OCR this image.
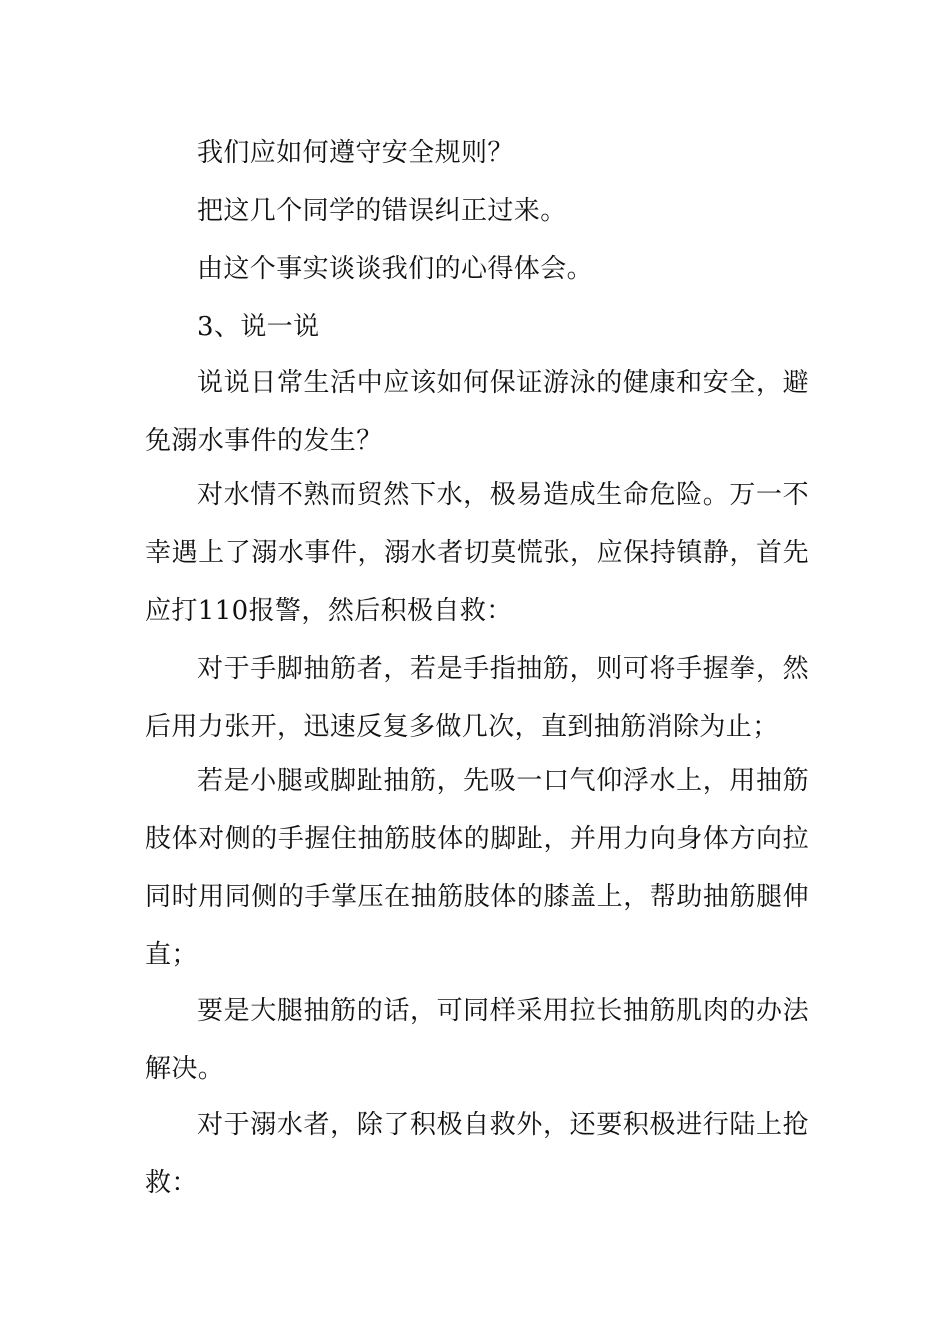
我们应如何遵守安全规则？

把这几个同学的错误纠正过来。

由这个事实谈谈我们的心得体会。

3、说一说

说说日常生活中应该如何保证游泳的健康和安全，避免溺水事件的发生？

对水情不熟而贸然下水，极易造成生命危险。万一不幸遇上了溺水事件，溺水者切莫慌张，应保持镇静，首先应打110报警，然后积极自救：

对于手脚抽筋者，若是手指抽筋，则可将手握拳，然后用力张开，迅速反复多做几次，直到抽筋消除为止；

若是小腿或脚趾抽筋，先吸一口气仰浮水上，用抽筋肢体对侧的手握住抽筋肢体的脚趾，并用力向身体方向拉同时用同侧的手掌压在抽筋肢体的膝盖上，帮助抽筋腿伸直；

要是大腿抽筋的话，可同样采用拉长抽筋肌肉的办法解决。

对于溺水者，除了积极自救外，还要积极进行陆上抢救：
